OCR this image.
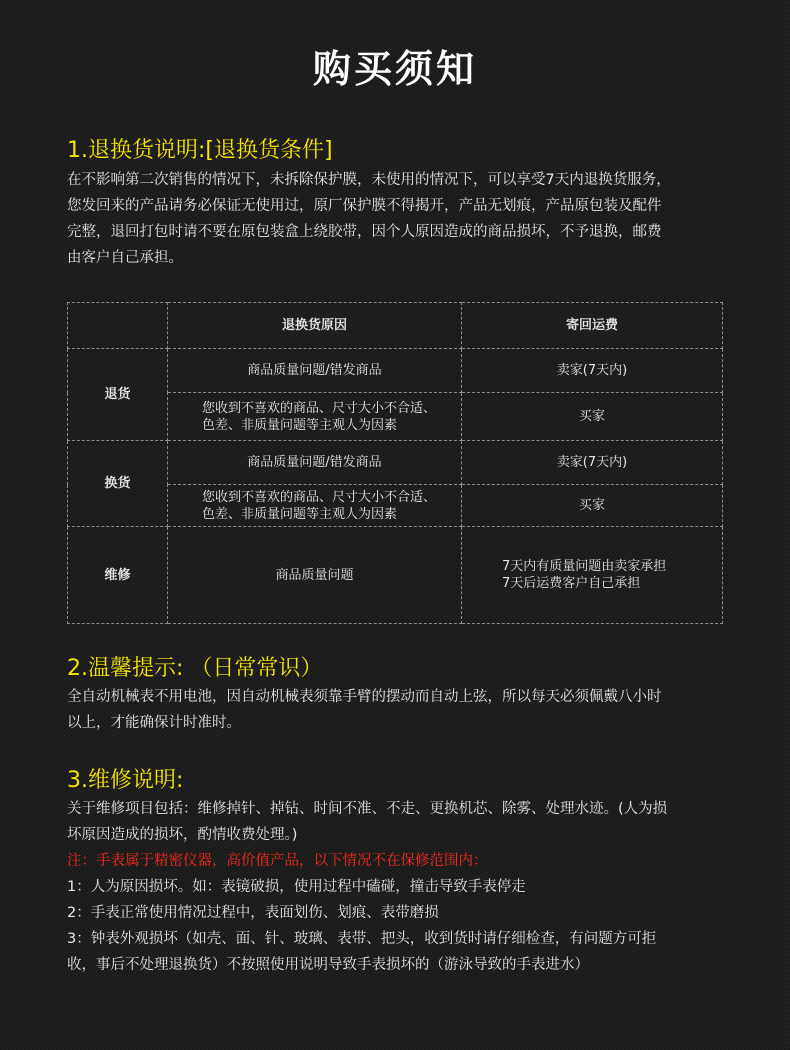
购买须知
1.退换货说明:[退换货条件]
在不影响第二次销售的情况下，未拆除保护膜，未使用的情况下，可以享受7天内退换货服务，
您发回来的产品请务必保证无使用过，原厂保护膜不得揭开，产品无划痕，产品原包装及配件
完整，退回打包时请不要在原包装盒上绕胶带，因个人原因造成的商品损坏，不予退换，邮费
由客户自己承担。
	退换货原因	寄回运费
退货	商品质量问题/错发商品	卖家(7天内)

	您收到不喜欢的商品、尺寸大小不合适、
色差、非质量问题等主观人为因素	买家

换货	商品质量问题/错发商品	卖家(7天内)

	您收到不喜欢的商品、尺寸大小不合适、
色差、非质量问题等主观人为因素	买家

维修	商品质量问题	7天内有质量问题由卖家承担
7天后运费客户自己承担
2.温馨提示: （日常常识）
全自动机械表不用电池，因自动机械表须靠手臂的摆动而自动上弦，所以每天必须佩戴八小时
以上，才能确保计时准时。
3.维修说明:
关于维修项目包括：维修掉针、掉钻、时间不准、不走、更换机芯、除雾、处理水迹。(人为损
坏原因造成的损坏，酌情收费处理。)
注：手表属于精密仪器，高价值产品，以下情况不在保修范围内：
1：人为原因损坏。如：表镜破损，使用过程中磕碰，撞击导致手表停走
2：手表正常使用情况过程中，表面划伤、划痕、表带磨损
3：钟表外观损坏（如壳、面、针、玻璃、表带、把头，收到货时请仔细检查，有问题方可拒
收，事后不处理退换货）不按照使用说明导致手表损坏的（游泳导致的手表进水）
